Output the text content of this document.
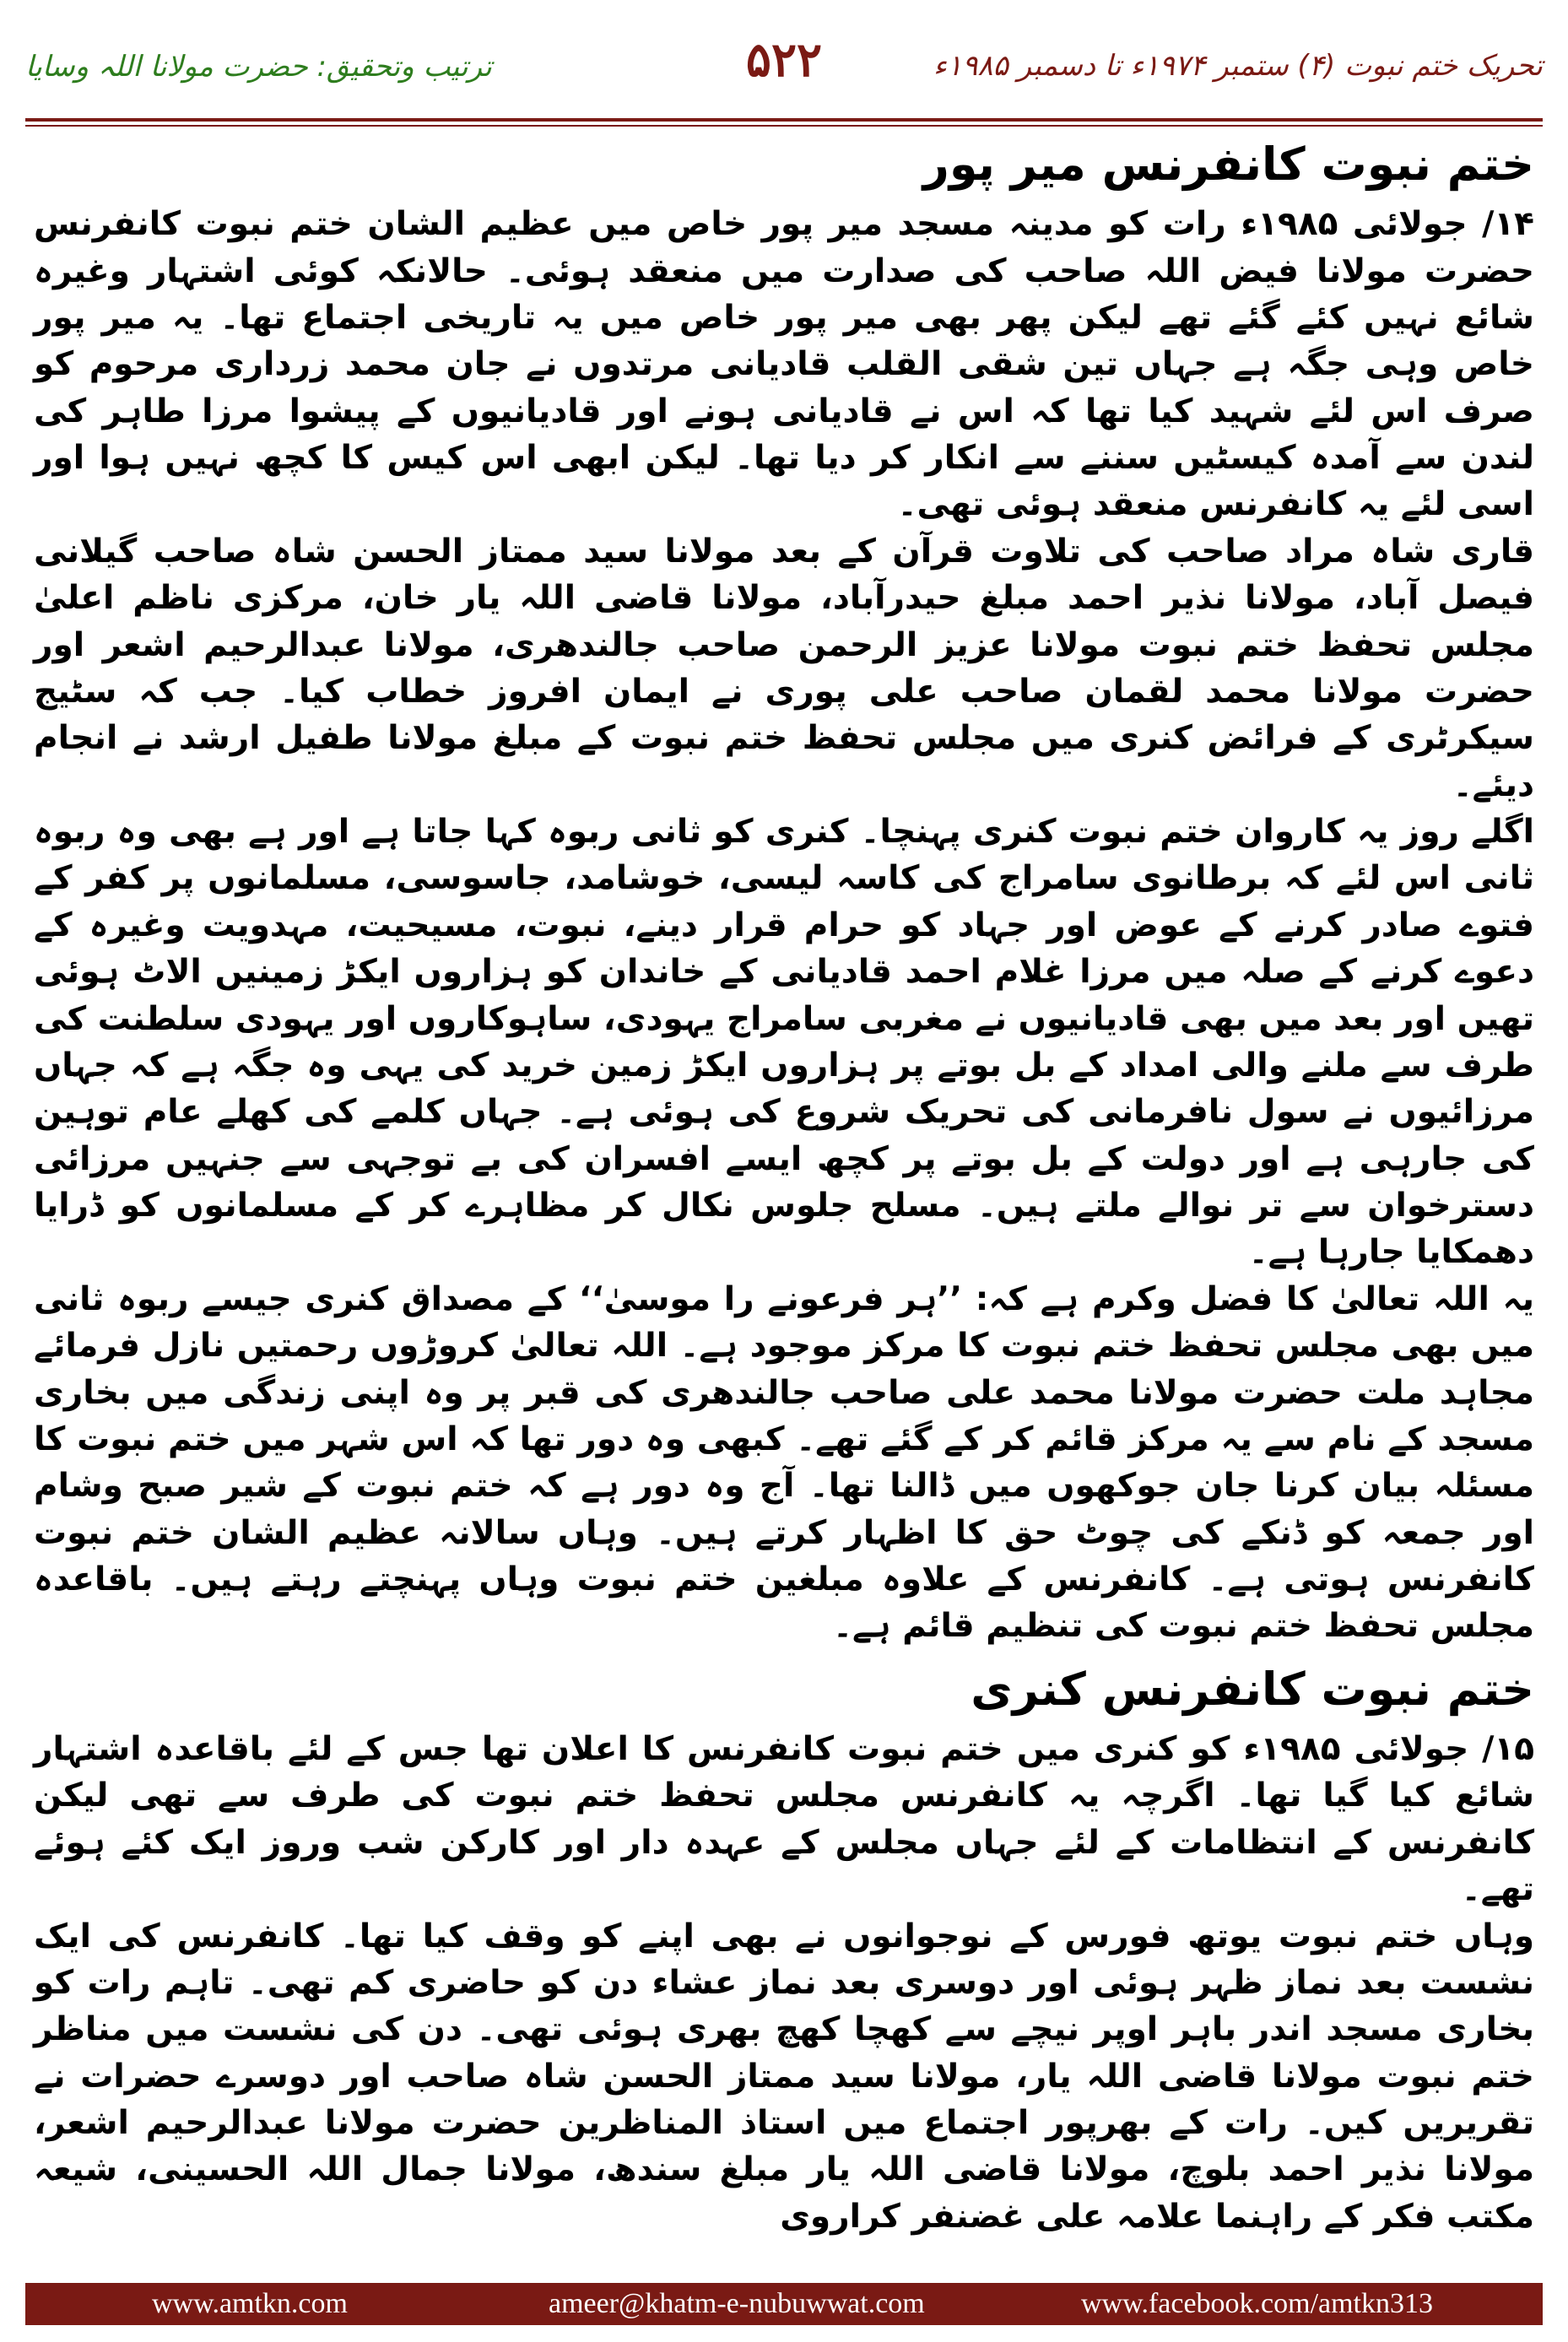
ترتیب وتحقیق: حضرت مولانا اللہ وسایا	۵۲۲	تحریک ختم نبوت (۴) ستمبر ۱۹۷۴ء تا دسمبر ۱۹۸۵ء
ختم نبوت کانفرنس میر پور

۱۴/ جولائی ۱۹۸۵ء رات کو مدینہ مسجد میر پور خاص میں عظیم الشان ختم نبوت کانفرنس حضرت مولانا فیض اللہ صاحب کی صدارت میں منعقد ہوئی۔ حالانکہ کوئی اشتہار وغیرہ شائع نہیں کئے گئے تھے لیکن پھر بھی میر پور خاص میں یہ تاریخی اجتماع تھا۔ یہ میر پور خاص وہی جگہ ہے جہاں تین شقی القلب قادیانی مرتدوں نے جان محمد زرداری مرحوم کو صرف اس لئے شہید کیا تھا کہ اس نے قادیانی ہونے اور قادیانیوں کے پیشوا مرزا طاہر کی لندن سے آمدہ کیسٹیں سننے سے انکار کر دیا تھا۔ لیکن ابھی اس کیس کا کچھ نہیں ہوا اور اسی لئے یہ کانفرنس منعقد ہوئی تھی۔

قاری شاہ مراد صاحب کی تلاوت قرآن کے بعد مولانا سید ممتاز الحسن شاہ صاحب گیلانی فیصل آباد، مولانا نذیر احمد مبلغ حیدرآباد، مولانا قاضی اللہ یار خان، مرکزی ناظم اعلیٰ مجلس تحفظ ختم نبوت مولانا عزیز الرحمن صاحب جالندھری، مولانا عبدالرحیم اشعر اور حضرت مولانا محمد لقمان صاحب علی پوری نے ایمان افروز خطاب کیا۔ جب کہ سٹیج سیکرٹری کے فرائض کنری میں مجلس تحفظ ختم نبوت کے مبلغ مولانا طفیل ارشد نے انجام دیئے۔

اگلے روز یہ کاروان ختم نبوت کنری پہنچا۔ کنری کو ثانی ربوہ کہا جاتا ہے اور ہے بھی وہ ربوہ ثانی اس لئے کہ برطانوی سامراج کی کاسہ لیسی، خوشامد، جاسوسی، مسلمانوں پر کفر کے فتوے صادر کرنے کے عوض اور جہاد کو حرام قرار دینے، نبوت، مسیحیت، مہدویت وغیرہ کے دعوے کرنے کے صلہ میں مرزا غلام احمد قادیانی کے خاندان کو ہزاروں ایکڑ زمینیں الاٹ ہوئی تھیں اور بعد میں بھی قادیانیوں نے مغربی سامراج یہودی، ساہوکاروں اور یہودی سلطنت کی طرف سے ملنے والی امداد کے بل بوتے پر ہزاروں ایکڑ زمین خرید کی یہی وہ جگہ ہے کہ جہاں مرزائیوں نے سول نافرمانی کی تحریک شروع کی ہوئی ہے۔ جہاں کلمے کی کھلے عام توہین کی جارہی ہے اور دولت کے بل بوتے پر کچھ ایسے افسران کی بے توجہی سے جنہیں مرزائی دسترخوان سے تر نوالے ملتے ہیں۔ مسلح جلوس نکال کر مظاہرے کر کے مسلمانوں کو ڈرایا دھمکایا جارہا ہے۔

یہ اللہ تعالیٰ کا فضل وکرم ہے کہ: ’’ہر فرعونے را موسیٰ‘‘ کے مصداق کنری جیسے ربوہ ثانی میں بھی مجلس تحفظ ختم نبوت کا مرکز موجود ہے۔ اللہ تعالیٰ کروڑوں رحمتیں نازل فرمائے مجاہد ملت حضرت مولانا محمد علی صاحب جالندھری کی قبر پر وہ اپنی زندگی میں بخاری مسجد کے نام سے یہ مرکز قائم کر کے گئے تھے۔ کبھی وہ دور تھا کہ اس شہر میں ختم نبوت کا مسئلہ بیان کرنا جان جوکھوں میں ڈالنا تھا۔ آج وہ دور ہے کہ ختم نبوت کے شیر صبح وشام اور جمعہ کو ڈنکے کی چوٹ حق کا اظہار کرتے ہیں۔ وہاں سالانہ عظیم الشان ختم نبوت کانفرنس ہوتی ہے۔ کانفرنس کے علاوہ مبلغین ختم نبوت وہاں پہنچتے رہتے ہیں۔ باقاعدہ مجلس تحفظ ختم نبوت کی تنظیم قائم ہے۔

ختم نبوت کانفرنس کنری

۱۵/ جولائی ۱۹۸۵ء کو کنری میں ختم نبوت کانفرنس کا اعلان تھا جس کے لئے باقاعدہ اشتہار شائع کیا گیا تھا۔ اگرچہ یہ کانفرنس مجلس تحفظ ختم نبوت کی طرف سے تھی لیکن کانفرنس کے انتظامات کے لئے جہاں مجلس کے عہدہ دار اور کارکن شب وروز ایک کئے ہوئے تھے۔

وہاں ختم نبوت یوتھ فورس کے نوجوانوں نے بھی اپنے کو وقف کیا تھا۔ کانفرنس کی ایک نشست بعد نماز ظہر ہوئی اور دوسری بعد نماز عشاء دن کو حاضری کم تھی۔ تاہم رات کو بخاری مسجد اندر باہر اوپر نیچے سے کھچا کھچ بھری ہوئی تھی۔ دن کی نشست میں مناظر ختم نبوت مولانا قاضی اللہ یار، مولانا سید ممتاز الحسن شاہ صاحب اور دوسرے حضرات نے تقریریں کیں۔ رات کے بھرپور اجتماع میں استاذ المناظرین حضرت مولانا عبدالرحیم اشعر، مولانا نذیر احمد بلوچ، مولانا قاضی اللہ یار مبلغ سندھ، مولانا جمال اللہ الحسینی، شیعہ مکتب فکر کے راہنما علامہ علی غضنفر کراروی

www.amtkn.com	ameer@khatm-e-nubuwwat.com	www.facebook.com/amtkn313
